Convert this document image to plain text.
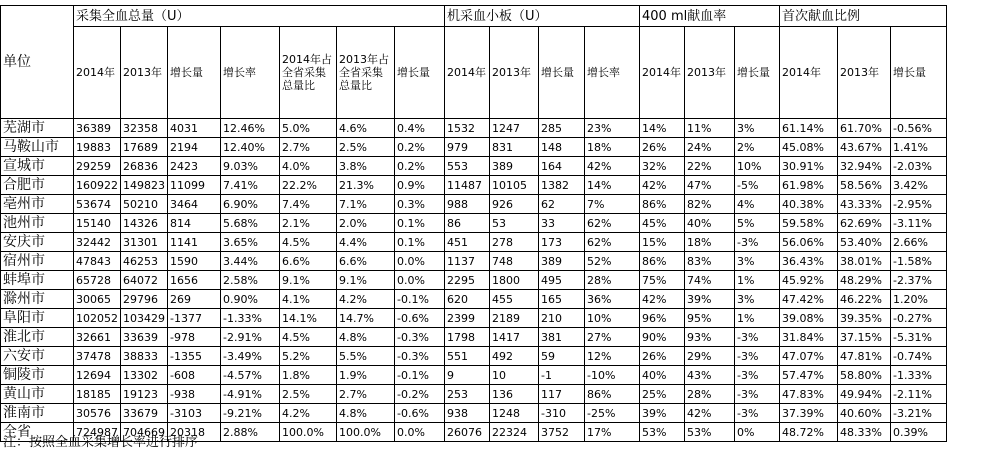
单位	采集全血总量（U）							机采血小板（U）				400 ml献血率			首次献血比例			
	2014年	2013年	增长量	增长率	2014年占全省采集总量比	2013年占全省采集总量比	增长量	2014年	2013年	增长量	增长率	2014年	2013年	增长量	2014年	2013年	增长量	
芜湖市	36389	32358	4031	12.46%	5.0%	4.6%	0.4%	1532	1247	285	23%	14%	11%	3%	61.14%	61.70%	-0.56%	
马鞍山市	19883	17689	2194	12.40%	2.7%	2.5%	0.2%	979	831	148	18%	26%	24%	2%	45.08%	43.67%	1.41%	
宣城市	29259	26836	2423	9.03%	4.0%	3.8%	0.2%	553	389	164	42%	32%	22%	10%	30.91%	32.94%	-2.03%	
合肥市	160922	149823	11099	7.41%	22.2%	21.3%	0.9%	11487	10105	1382	14%	42%	47%	-5%	61.98%	58.56%	3.42%	
亳州市	53674	50210	3464	6.90%	7.4%	7.1%	0.3%	988	926	62	7%	86%	82%	4%	40.38%	43.33%	-2.95%	
池州市	15140	14326	814	5.68%	2.1%	2.0%	0.1%	86	53	33	62%	45%	40%	5%	59.58%	62.69%	-3.11%	
安庆市	32442	31301	1141	3.65%	4.5%	4.4%	0.1%	451	278	173	62%	15%	18%	-3%	56.06%	53.40%	2.66%	
宿州市	47843	46253	1590	3.44%	6.6%	6.6%	0.0%	1137	748	389	52%	86%	83%	3%	36.43%	38.01%	-1.58%	
蚌埠市	65728	64072	1656	2.58%	9.1%	9.1%	0.0%	2295	1800	495	28%	75%	74%	1%	45.92%	48.29%	-2.37%	
滁州市	30065	29796	269	0.90%	4.1%	4.2%	-0.1%	620	455	165	36%	42%	39%	3%	47.42%	46.22%	1.20%	
阜阳市	102052	103429	-1377	-1.33%	14.1%	14.7%	-0.6%	2399	2189	210	10%	96%	95%	1%	39.08%	39.35%	-0.27%	
淮北市	32661	33639	-978	-2.91%	4.5%	4.8%	-0.3%	1798	1417	381	27%	90%	93%	-3%	31.84%	37.15%	-5.31%	
六安市	37478	38833	-1355	-3.49%	5.2%	5.5%	-0.3%	551	492	59	12%	26%	29%	-3%	47.07%	47.81%	-0.74%	
铜陵市	12694	13302	-608	-4.57%	1.8%	1.9%	-0.1%	9	10	-1	-10%	40%	43%	-3%	57.47%	58.80%	-1.33%	
黄山市	18185	19123	-938	-4.91%	2.5%	2.7%	-0.2%	253	136	117	86%	25%	28%	-3%	47.83%	49.94%	-2.11%	
淮南市	30576	33679	-3103	-9.21%	4.2%	4.8%	-0.6%	938	1248	-310	-25%	39%	42%	-3%	37.39%	40.60%	-3.21%	
全省	724987	704669	20318	2.88%	100.0%	100.0%	0.0%	26076	22324	3752	17%	53%	53%	0%	48.72%	48.33%	0.39%	
注：按照全血采集增长率进行排序
